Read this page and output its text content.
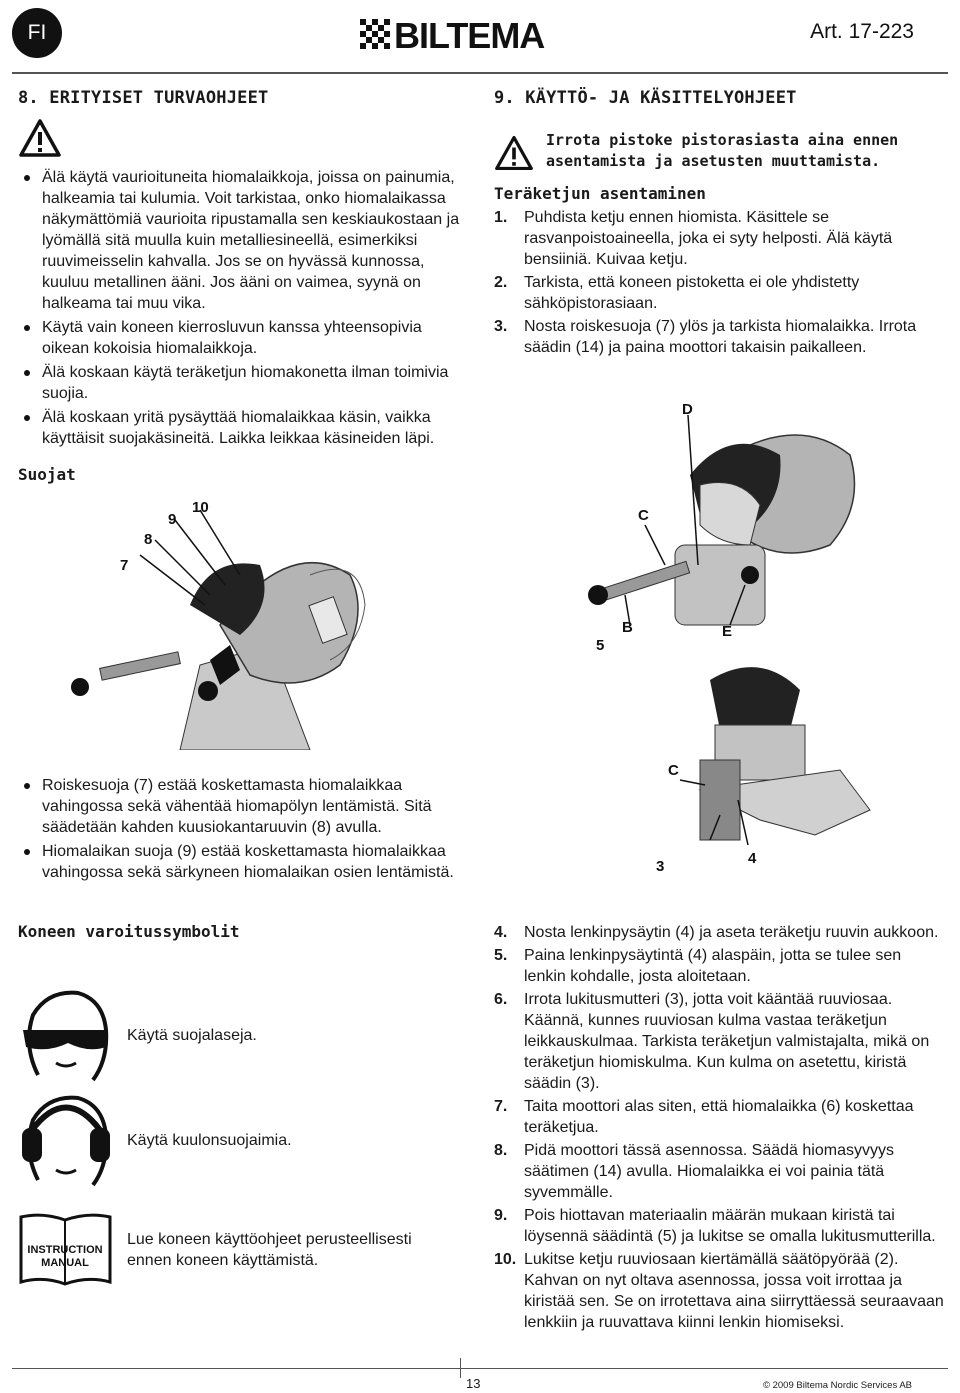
FI	BILTEMA	Art. 17-223
8. ERITYISET TURVAOHJEET
Älä käytä vaurioituneita hiomalaikkoja, joissa on painumia, halkeamia tai kulumia. Voit tarkistaa, onko hiomalaikassa näkymättömiä vaurioita ripustamalla sen keskiaukostaan ja lyömällä sitä muulla kuin metalliesineellä, esimerkiksi ruuvimeisselin kahvalla. Jos se on hyvässä kunnossa, kuuluu metallinen ääni. Jos ääni on vaimea, syynä on halkeama tai muu vika.
Käytä vain koneen kierrosluvun kanssa yhteensopivia oikean kokoisia hiomalaikkoja.
Älä koskaan käytä teräketjun hiomakonetta ilman toimivia suojia.
Älä koskaan yritä pysäyttää hiomalaikkaa käsin, vaikka käyttäisit suojakäsineitä. Laikka leikkaa käsineiden läpi.
Suojat
7
8
9
10
Roiskesuoja (7) estää koskettamasta hiomalaikkaa vahingossa sekä vähentää hiomapölyn lentämistä. Sitä säädetään kahden kuusiokantaruuvin (8) avulla.
Hiomalaikan suoja (9) estää koskettamasta hiomalaikkaa vahingossa sekä särkyneen hiomalaikan osien lentämistä.
Koneen varoitussymbolit
Käytä suojalaseja.
Käytä kuulonsuojaimia.
INSTRUCTION
MANUAL
Lue koneen käyttöohjeet perusteellisesti ennen koneen käyttämistä.
9. KÄYTTÖ- JA KÄSITTELYOHJEET
Irrota pistoke pistorasiasta aina ennen asentamista ja asetusten muuttamista.
Teräketjun asentaminen
1. Puhdista ketju ennen hiomista. Käsittele se rasvanpoistoaineella, joka ei syty helposti. Älä käytä bensiiniä. Kuivaa ketju.
2. Tarkista, että koneen pistoketta ei ole yhdistetty sähköpistorasiaan.
3. Nosta roiskesuoja (7) ylös ja tarkista hiomalaikka. Irrota säädin (14) ja paina moottori takaisin paikalleen.
D
C
B	E
5
C
3	4
4. Nosta lenkinpysäytin (4) ja aseta teräketju ruuvin aukkoon.
5. Paina lenkinpysäytintä (4) alaspäin, jotta se tulee sen lenkin kohdalle, josta aloitetaan.
6. Irrota lukitusmutteri (3), jotta voit kääntää ruuviosaa. Käännä, kunnes ruuviosan kulma vastaa teräketjun leikkauskulmaa. Tarkista teräketjun valmistajalta, mikä on teräketjun hiomiskulma. Kun kulma on asetettu, kiristä säädin (3).
7. Taita moottori alas siten, että hiomalaikka (6) koskettaa teräketjua.
8. Pidä moottori tässä asennossa. Säädä hiomasyvyys säätimen (14) avulla. Hiomalaikka ei voi painia tätä syvemmälle.
9. Pois hiottavan materiaalin määrän mukaan kiristä tai löysennä säädintä (5) ja lukitse se omalla lukitusmutterilla.
10. Lukitse ketju ruuviosaan kiertämällä säätöpyörää (2). Kahvan on nyt oltava asennossa, jossa voit irrottaa ja kiristää sen. Se on irrotettava aina siirryttäessä seuraavaan lenkkiin ja ruuvattava kiinni lenkin hiomiseksi.
13	© 2009 Biltema Nordic Services AB
